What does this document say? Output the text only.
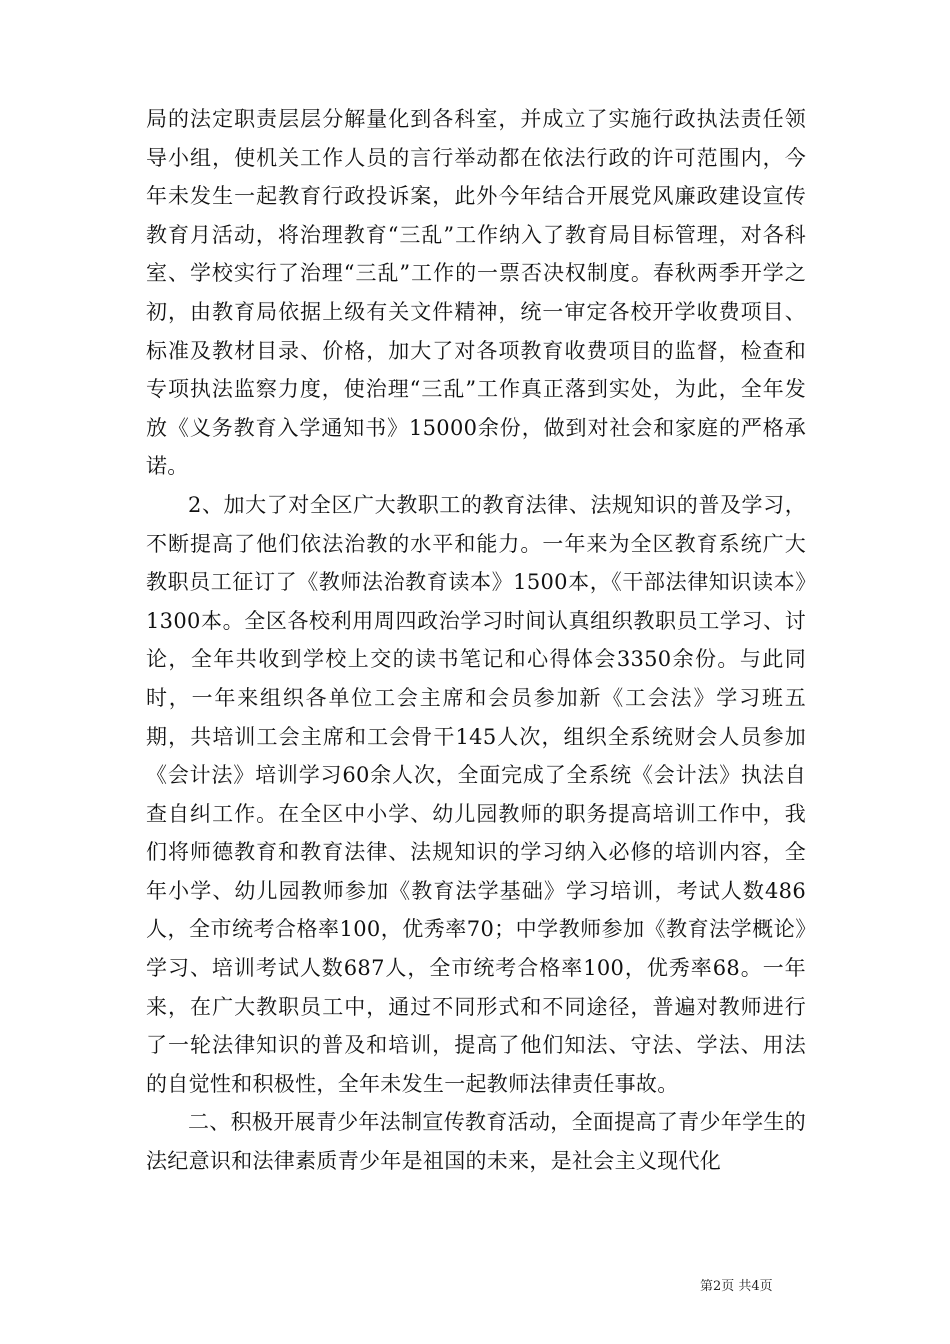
局的法定职责层层分解量化到各科室，并成立了实施行政执法责任领导小组，使机关工作人员的言行举动都在依法行政的许可范围内，今年未发生一起教育行政投诉案，此外今年结合开展党风廉政建设宣传教育月活动，将治理教育“三乱”工作纳入了教育局目标管理，对各科室、学校实行了治理“三乱”工作的一票否决权制度。春秋两季开学之初，由教育局依据上级有关文件精神，统一审定各校开学收费项目、标准及教材目录、价格，加大了对各项教育收费项目的监督，检查和专项执法监察力度，使治理“三乱”工作真正落到实处，为此，全年发放《义务教育入学通知书》15000余份，做到对社会和家庭的严格承诺。

2、加大了对全区广大教职工的教育法律、法规知识的普及学习，不断提高了他们依法治教的水平和能力。一年来为全区教育系统广大教职员工征订了《教师法治教育读本》1500本，《干部法律知识读本》1300本。全区各校利用周四政治学习时间认真组织教职员工学习、讨论，全年共收到学校上交的读书笔记和心得体会3350余份。与此同时，一年来组织各单位工会主席和会员参加新《工会法》学习班五期，共培训工会主席和工会骨干145人次，组织全系统财会人员参加《会计法》培训学习60余人次，全面完成了全系统《会计法》执法自查自纠工作。在全区中小学、幼儿园教师的职务提高培训工作中，我们将师德教育和教育法律、法规知识的学习纳入必修的培训内容，全年小学、幼儿园教师参加《教育法学基础》学习培训，考试人数486人，全市统考合格率100，优秀率70；中学教师参加《教育法学概论》学习、培训考试人数687人，全市统考合格率100，优秀率68。一年来，在广大教职员工中，通过不同形式和不同途径，普遍对教师进行了一轮法律知识的普及和培训，提高了他们知法、守法、学法、用法的自觉性和积极性，全年未发生一起教师法律责任事故。

二、积极开展青少年法制宣传教育活动，全面提高了青少年学生的法纪意识和法律素质青少年是祖国的未来，是社会主义现代化

第2页 共4页
